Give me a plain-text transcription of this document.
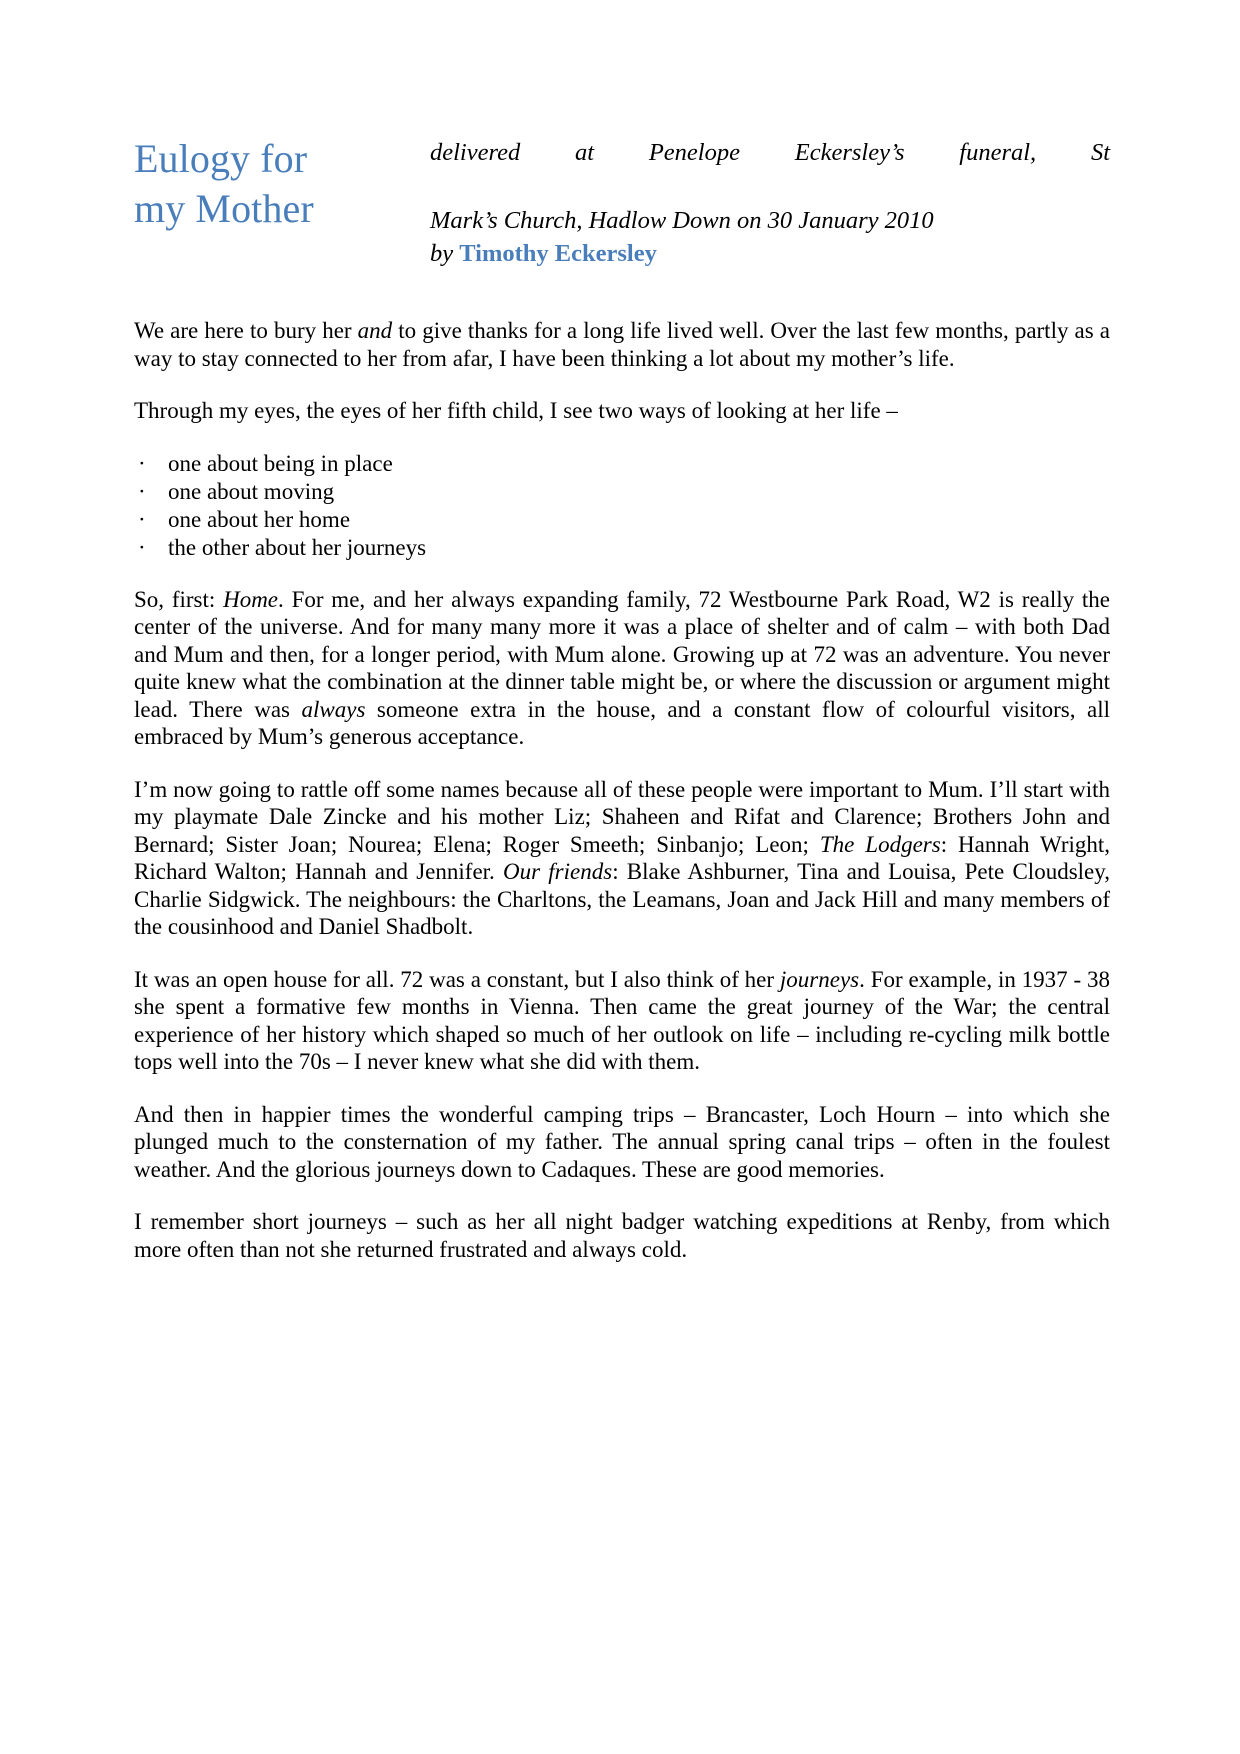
Eulogy for
my Mother
delivered at Penelope Eckersley’s funeral, St
Mark’s Church, Hadlow Down on 30 January 2010
by Timothy Eckersley

We are here to bury her and to give thanks for a long life lived well. Over the last few months, partly as a way to stay connected to her from afar, I have been thinking a lot about my mother’s life.

Through my eyes, the eyes of her fifth child, I see two ways of looking at her life –

· one about being in place
· one about moving
· one about her home
· the other about her journeys

So, first: Home. For me, and her always expanding family, 72 Westbourne Park Road, W2 is really the center of the universe. And for many many more it was a place of shelter and of calm – with both Dad and Mum and then, for a longer period, with Mum alone. Growing up at 72 was an adventure. You never quite knew what the combination at the dinner table might be, or where the discussion or argument might lead. There was always someone extra in the house, and a constant flow of colourful visitors, all embraced by Mum’s generous acceptance.

I’m now going to rattle off some names because all of these people were important to Mum. I’ll start with my playmate Dale Zincke and his mother Liz; Shaheen and Rifat and Clarence; Brothers John and Bernard; Sister Joan; Nourea; Elena; Roger Smeeth; Sinbanjo; Leon; The Lodgers: Hannah Wright, Richard Walton; Hannah and Jennifer. Our friends: Blake Ashburner, Tina and Louisa, Pete Cloudsley, Charlie Sidgwick. The neighbours: the Charltons, the Leamans, Joan and Jack Hill and many members of the cousinhood and Daniel Shadbolt.

It was an open house for all. 72 was a constant, but I also think of her journeys. For example, in 1937 - 38 she spent a formative few months in Vienna. Then came the great journey of the War; the central experience of her history which shaped so much of her outlook on life – including re-cycling milk bottle tops well into the 70s – I never knew what she did with them.

And then in happier times the wonderful camping trips – Brancaster, Loch Hourn – into which she plunged much to the consternation of my father. The annual spring canal trips – often in the foulest weather. And the glorious journeys down to Cadaques. These are good memories.

I remember short journeys – such as her all night badger watching expeditions at Renby, from which more often than not she returned frustrated and always cold.
